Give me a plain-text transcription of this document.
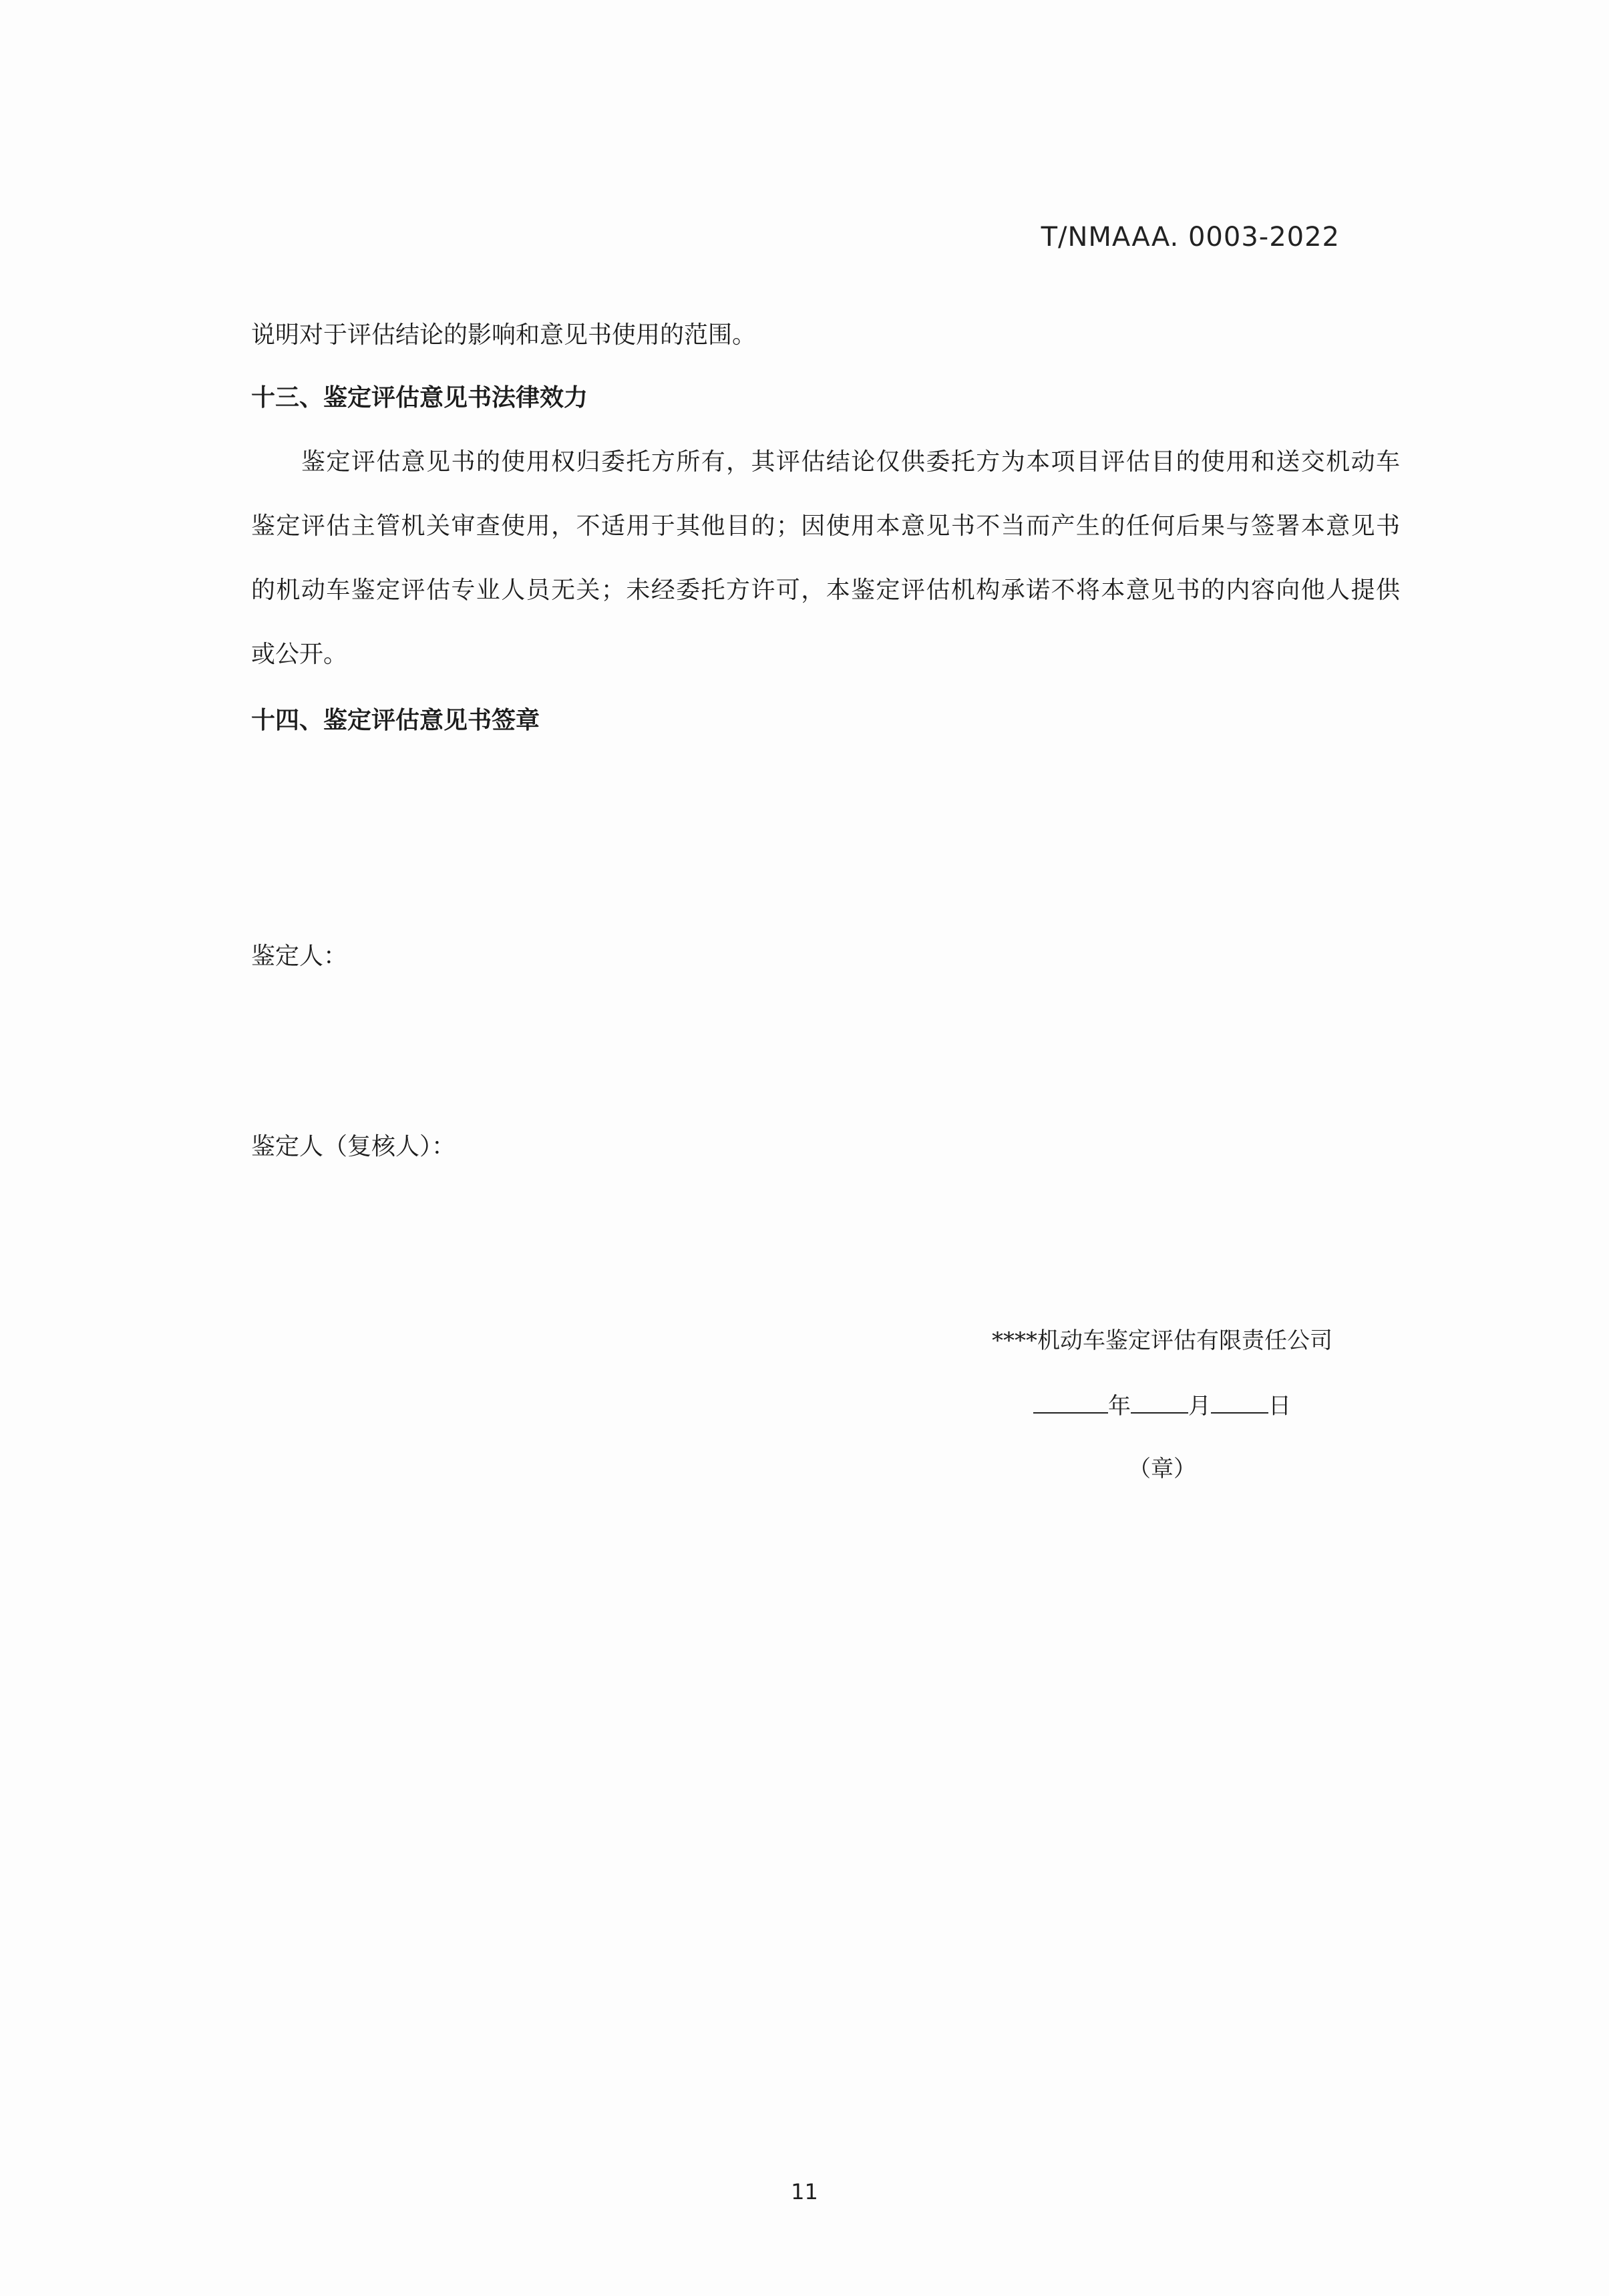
T/NMAAA. 0003-2022
说明对于评估结论的影响和意见书使用的范围。
十三、鉴定评估意见书法律效力
鉴定评估意见书的使用权归委托方所有，其评估结论仅供委托方为本项目评估目的使用和送交机动车
鉴定评估主管机关审查使用，不适用于其他目的；因使用本意见书不当而产生的任何后果与签署本意见书
的机动车鉴定评估专业人员无关；未经委托方许可，本鉴定评估机构承诺不将本意见书的内容向他人提供
或公开。
十四、鉴定评估意见书签章
鉴定人：
鉴定人（复核人）：
****机动车鉴定评估有限责任公司
年	月	日
（章）
11
